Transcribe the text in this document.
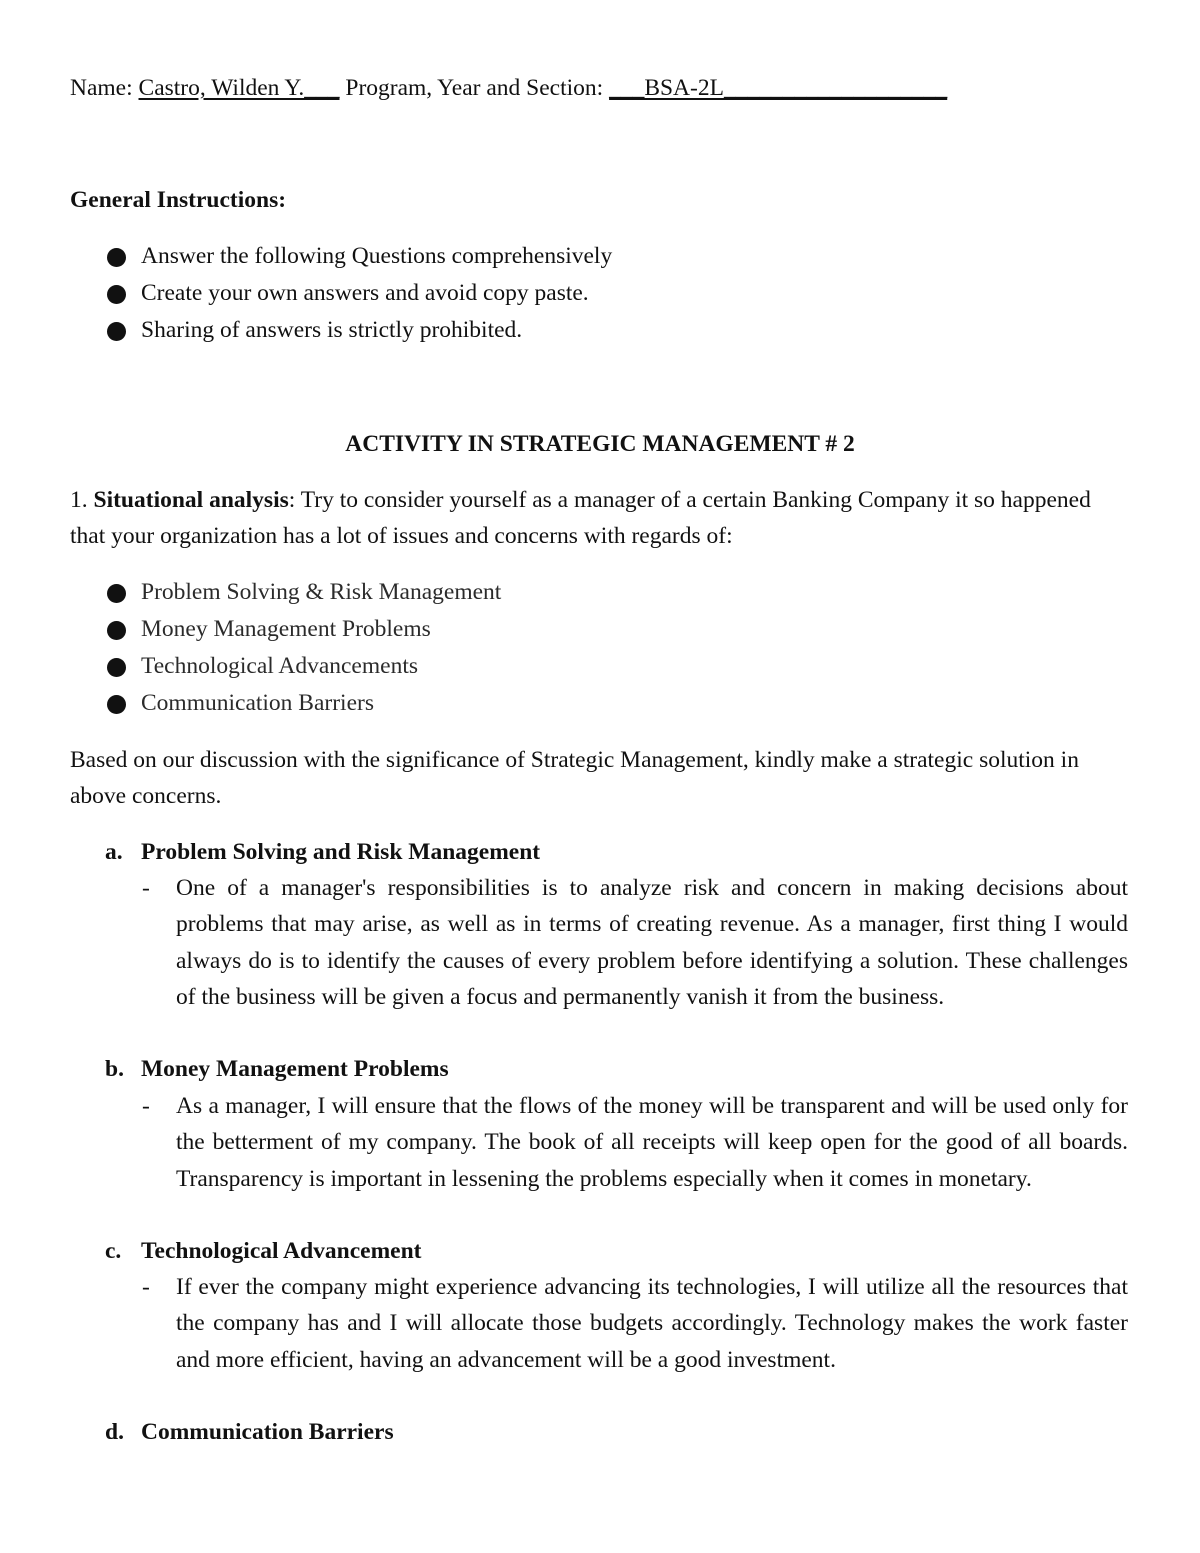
Name: Castro, Wilden Y.___ Program, Year and Section: ___BSA-2L___________________
General Instructions:
Answer the following Questions comprehensively
Create your own answers and avoid copy paste.
Sharing of answers is strictly prohibited.
ACTIVITY IN STRATEGIC MANAGEMENT # 2
1. Situational analysis: Try to consider yourself as a manager of a certain Banking Company it so happened that your organization has a lot of issues and concerns with regards of:
Problem Solving & Risk Management
Money Management Problems
Technological Advancements
Communication Barriers
Based on our discussion with the significance of Strategic Management, kindly make a strategic solution in above concerns.
a. Problem Solving and Risk Management
- One of a manager's responsibilities is to analyze risk and concern in making decisions about problems that may arise, as well as in terms of creating revenue. As a manager, first thing I would always do is to identify the causes of every problem before identifying a solution. These challenges of the business will be given a focus and permanently vanish it from the business.
b. Money Management Problems
- As a manager, I will ensure that the flows of the money will be transparent and will be used only for the betterment of my company. The book of all receipts will keep open for the good of all boards. Transparency is important in lessening the problems especially when it comes in monetary.
c. Technological Advancement
- If ever the company might experience advancing its technologies, I will utilize all the resources that the company has and I will allocate those budgets accordingly. Technology makes the work faster and more efficient, having an advancement will be a good investment.
d. Communication Barriers
